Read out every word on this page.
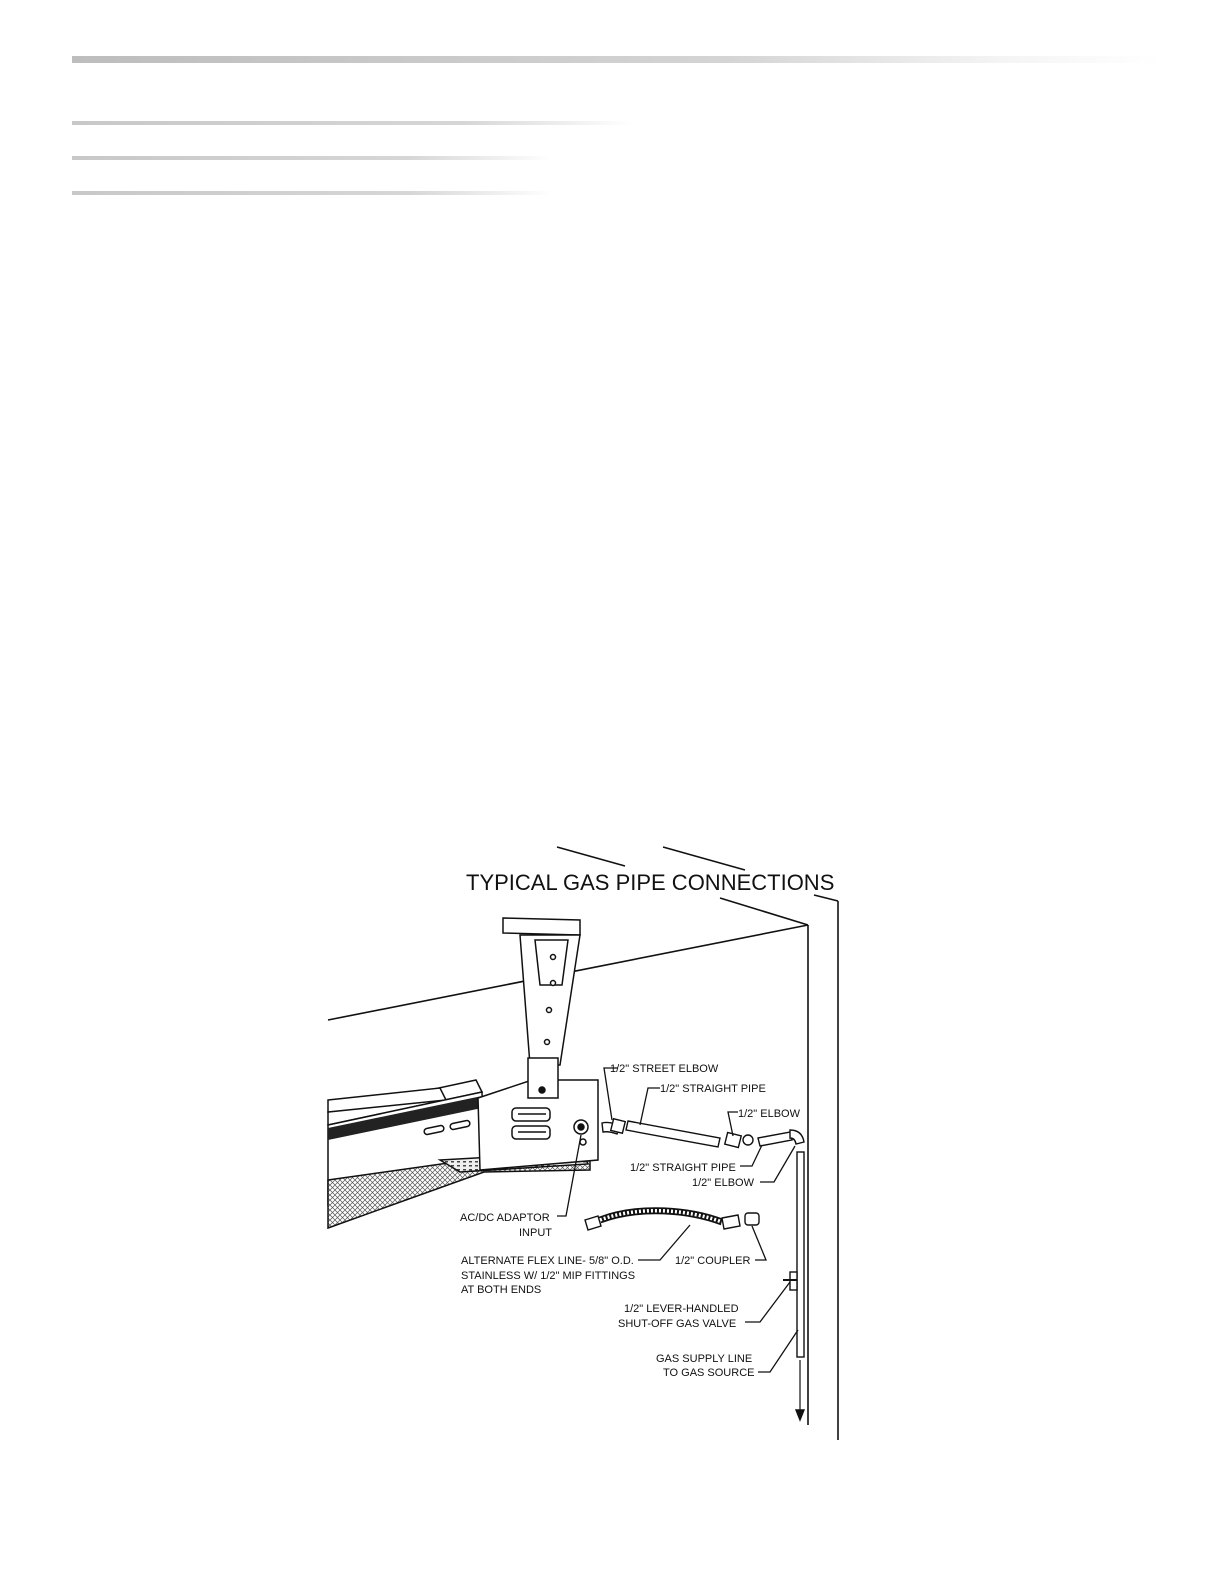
TYPICAL GAS PIPE CONNECTIONS
1/2" STREET ELBOW
1/2" STRAIGHT PIPE
1/2" ELBOW
1/2" STRAIGHT PIPE
1/2" ELBOW
AC/DC ADAPTOR
INPUT
ALTERNATE FLEX LINE- 5/8" O.D.
STAINLESS W/ 1/2" MIP FITTINGS
AT BOTH ENDS
1/2" COUPLER
1/2" LEVER-HANDLED
SHUT-OFF GAS VALVE
GAS SUPPLY LINE
TO GAS SOURCE
